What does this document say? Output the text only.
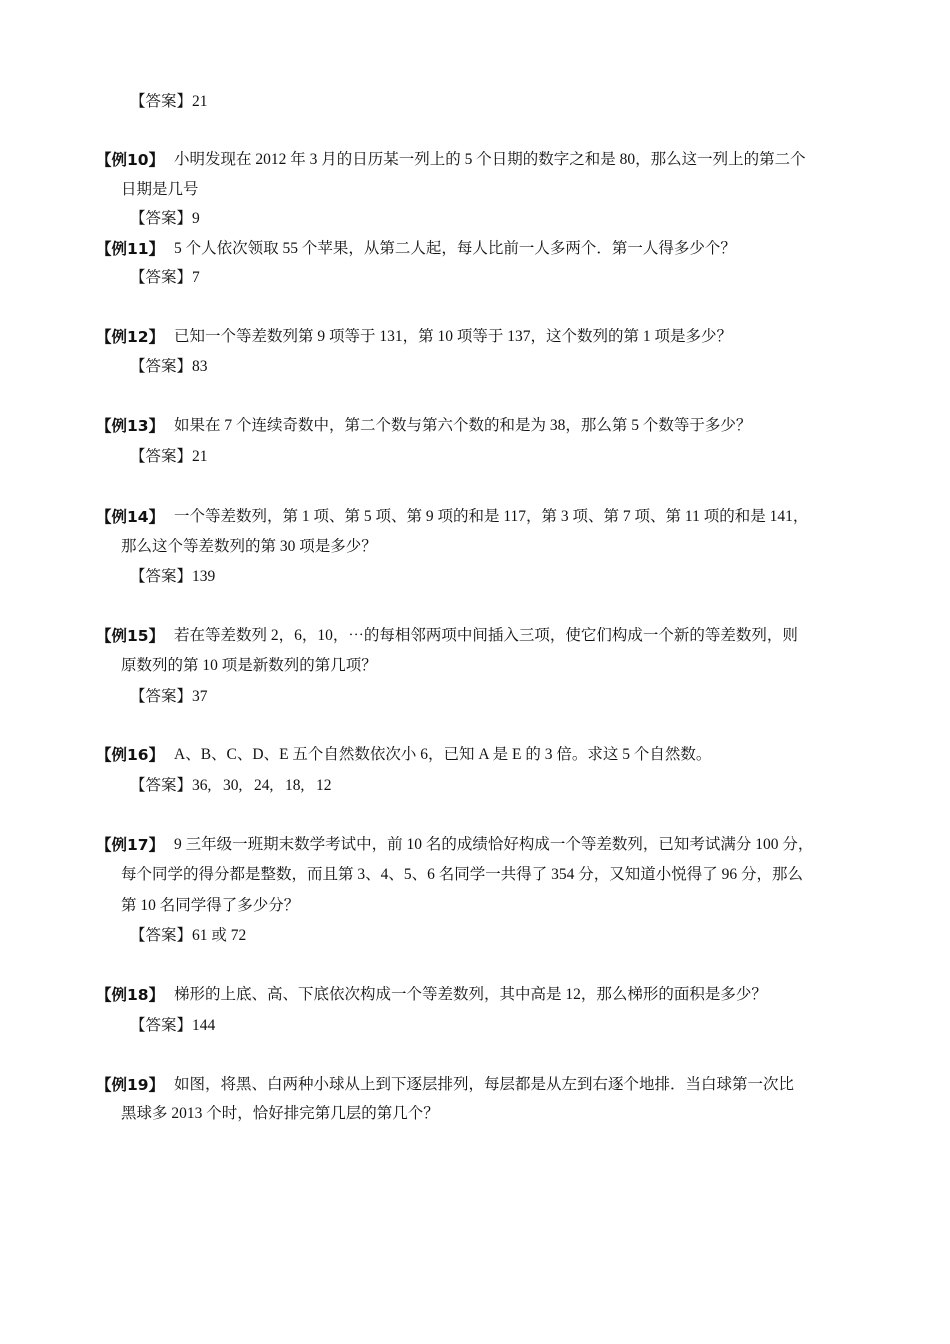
【答案】21
【例10】 小明发现在 2012 年 3 月的日历某一列上的 5 个日期的数字之和是 80，那么这一列上的第二个
日期是几号
【答案】9
【例11】 5 个人依次领取 55 个苹果，从第二人起，每人比前一人多两个．第一人得多少个？
【答案】7
【例12】 已知一个等差数列第 9 项等于 131，第 10 项等于 137，这个数列的第 1 项是多少？
【答案】83
【例13】 如果在 7 个连续奇数中，第二个数与第六个数的和是为 38，那么第 5 个数等于多少？
【答案】21
【例14】 一个等差数列，第 1 项、第 5 项、第 9 项的和是 117，第 3 项、第 7 项、第 11 项的和是 141，
那么这个等差数列的第 30 项是多少？
【答案】139
【例15】 若在等差数列 2，6，10，⋯的每相邻两项中间插入三项，使它们构成一个新的等差数列，则
原数列的第 10 项是新数列的第几项？
【答案】37
【例16】 A、B、C、D、E 五个自然数依次小 6，已知 A 是 E 的 3 倍。求这 5 个自然数。
【答案】36,   30,   24,   18,   12
【例17】 9 三年级一班期末数学考试中，前 10 名的成绩恰好构成一个等差数列，已知考试满分 100 分，
每个同学的得分都是整数，而且第 3、4、5、6 名同学一共得了 354 分，又知道小悦得了 96 分，那么
第 10 名同学得了多少分？
【答案】61 或 72
【例18】 梯形的上底、高、下底依次构成一个等差数列，其中高是 12，那么梯形的面积是多少？
【答案】144
【例19】 如图，将黑、白两种小球从上到下逐层排列，每层都是从左到右逐个地排．当白球第一次比
黑球多 2013 个时，恰好排完第几层的第几个？
